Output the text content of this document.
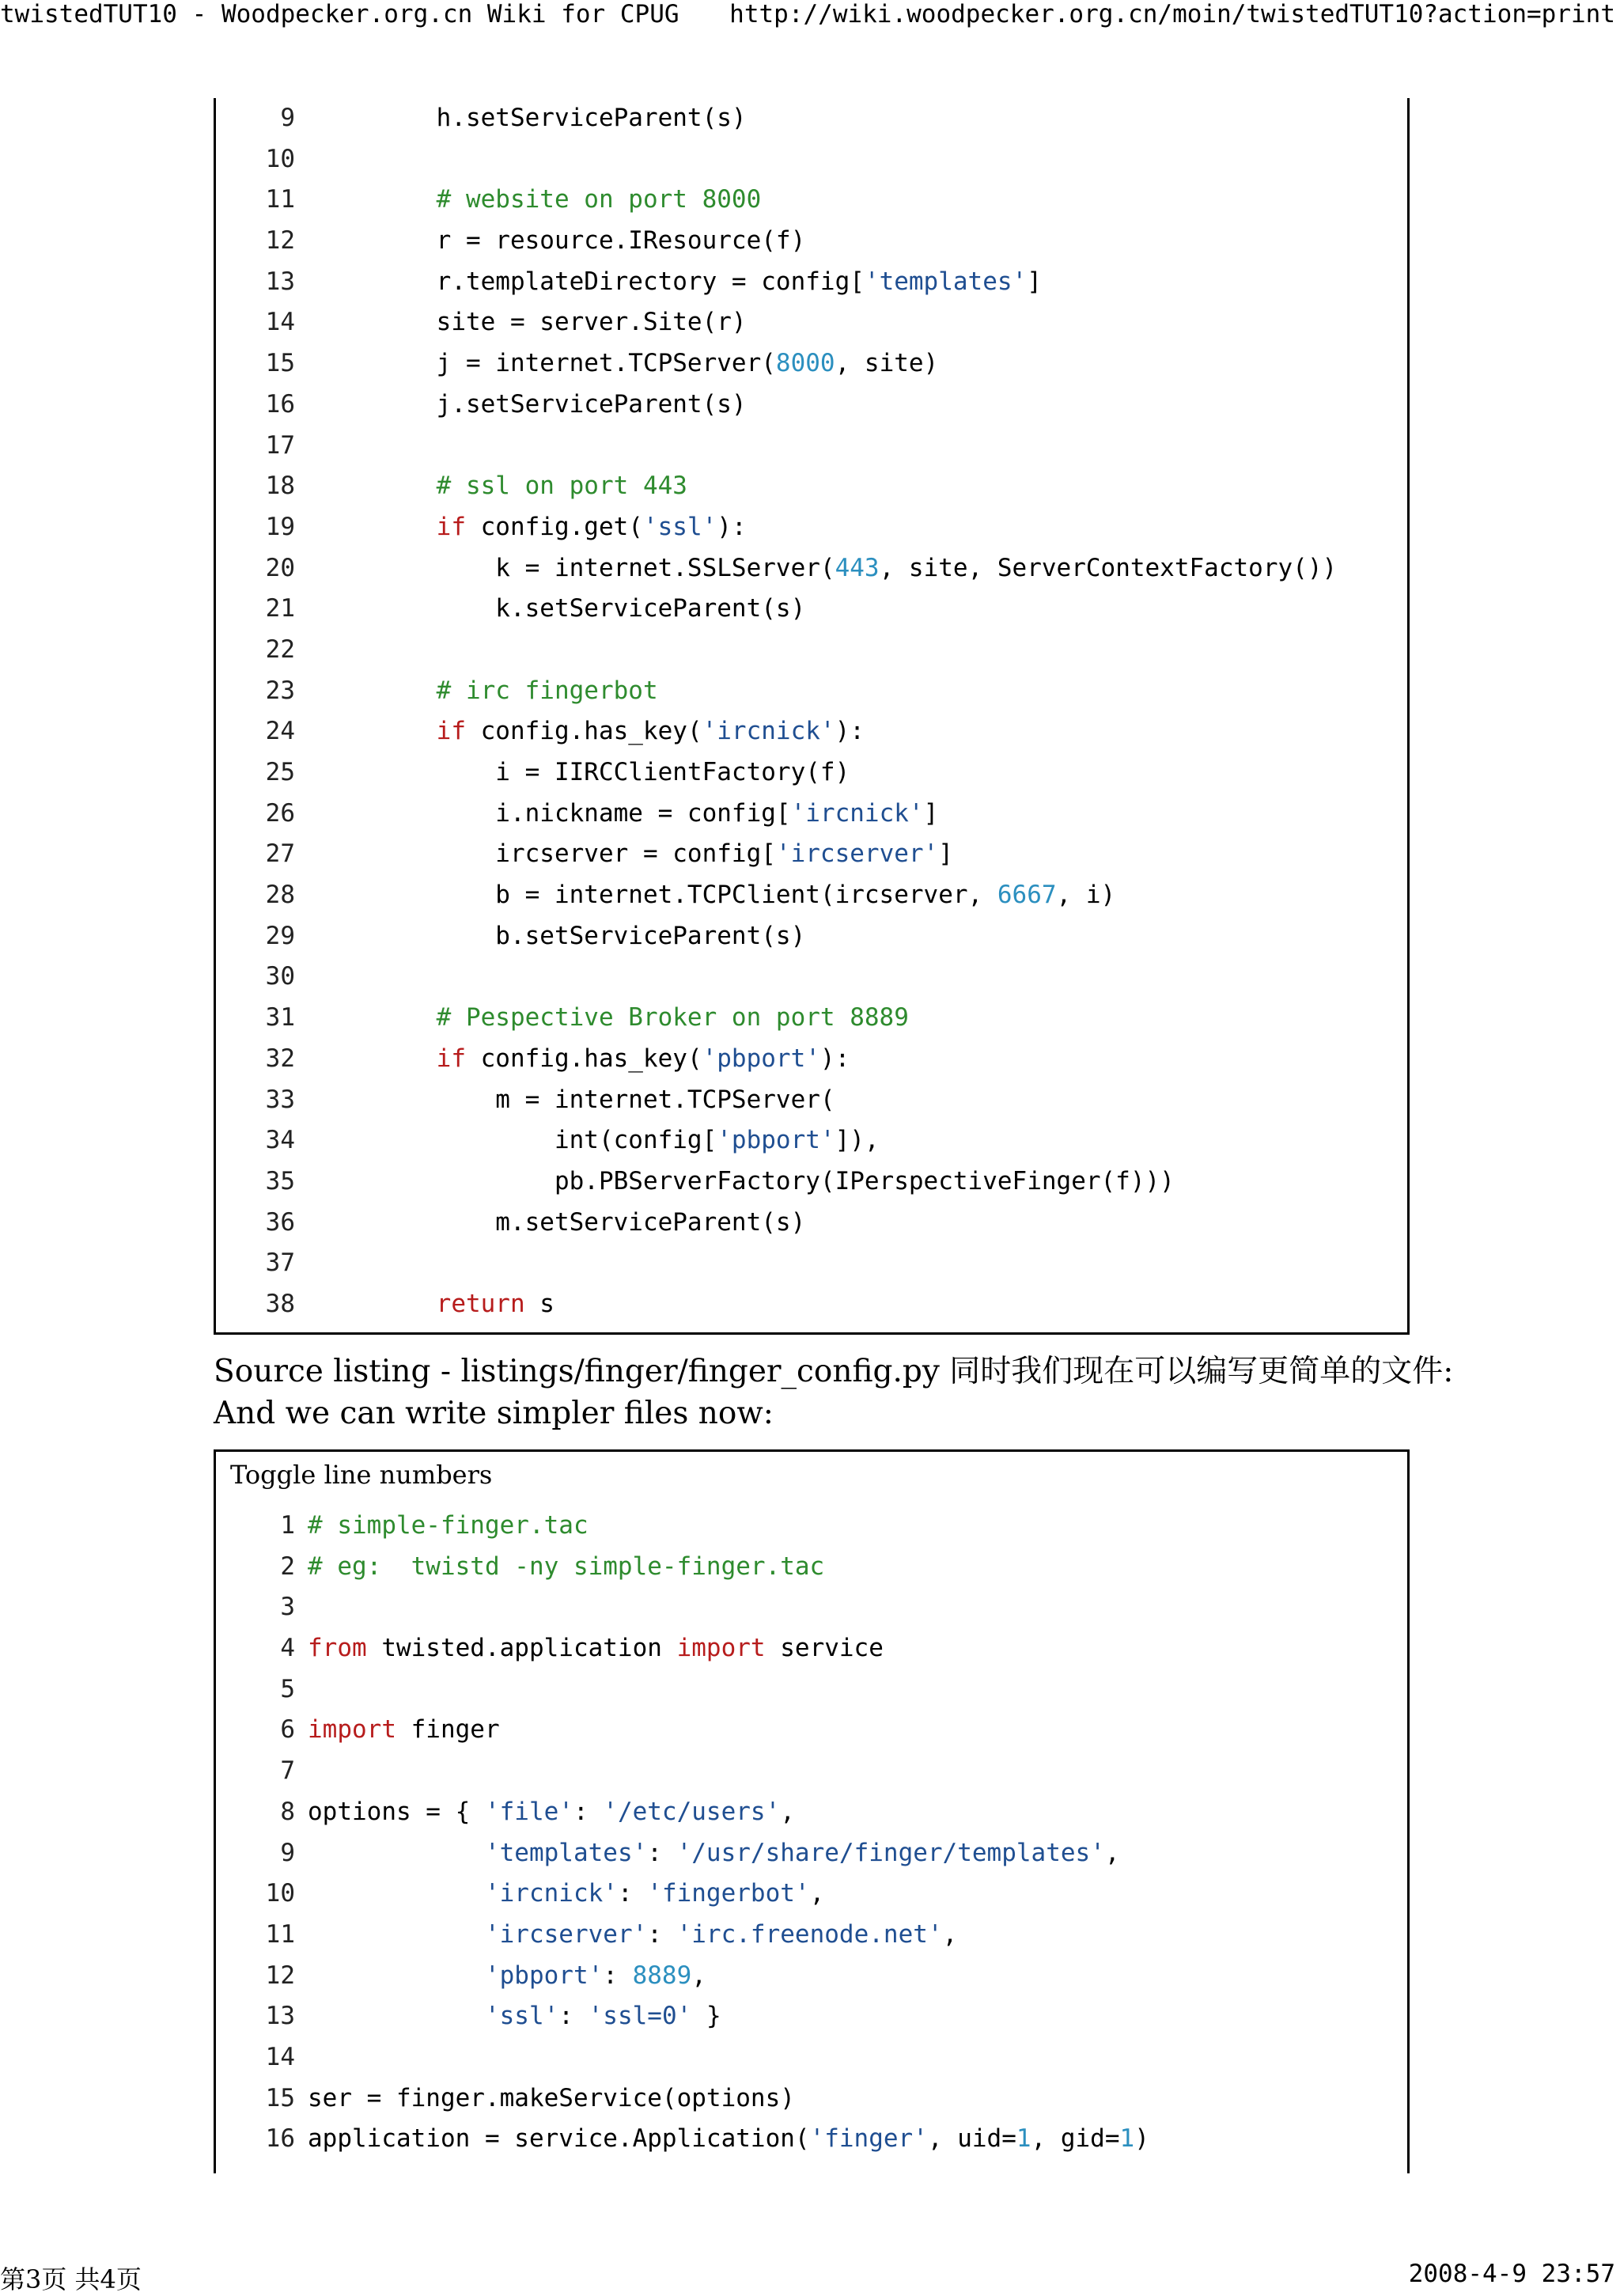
twistedTUT10 - Woodpecker.org.cn Wiki for CPUG http://wiki.woodpecker.org.cn/moin/twistedTUT10?action=print
9	h.setServiceParent(s)
10
11	# website on port 8000
12	r = resource.IResource(f)
13	r.templateDirectory = config['templates']
14	site = server.Site(r)
15	j = internet.TCPServer(8000, site)
16	j.setServiceParent(s)
17
18	# ssl on port 443
19	if config.get('ssl'):
20	k = internet.SSLServer(443, site, ServerContextFactory())
21	k.setServiceParent(s)
22
23	# irc fingerbot
24	if config.has_key('ircnick'):
25	i = IIRCClientFactory(f)
26	i.nickname = config['ircnick']
27	ircserver = config['ircserver']
28	b = internet.TCPClient(ircserver, 6667, i)
29	b.setServiceParent(s)
30
31	# Pespective Broker on port 8889
32	if config.has_key('pbport'):
33	m = internet.TCPServer(
34	int(config['pbport']),
35	pb.PBServerFactory(IPerspectiveFinger(f)))
36	m.setServiceParent(s)
37
38	return s
Source listing - listings/finger/finger_config.py 同时我们现在可以编写更简单的文件:
And we can write simpler files now:
Toggle line numbers
1 # simple-finger.tac
2 # eg:  twistd -ny simple-finger.tac
3
4 from twisted.application import service
5
6 import finger
7
8 options = { 'file': '/etc/users',
9	'templates': '/usr/share/finger/templates',
10	'ircnick': 'fingerbot',
11	'ircserver': 'irc.freenode.net',
12	'pbport': 8889,
13	'ssl': 'ssl=0' }
14
15 ser = finger.makeService(options)
16 application = service.Application('finger', uid=1, gid=1)
第3页 共4页	2008-4-9 23:57
